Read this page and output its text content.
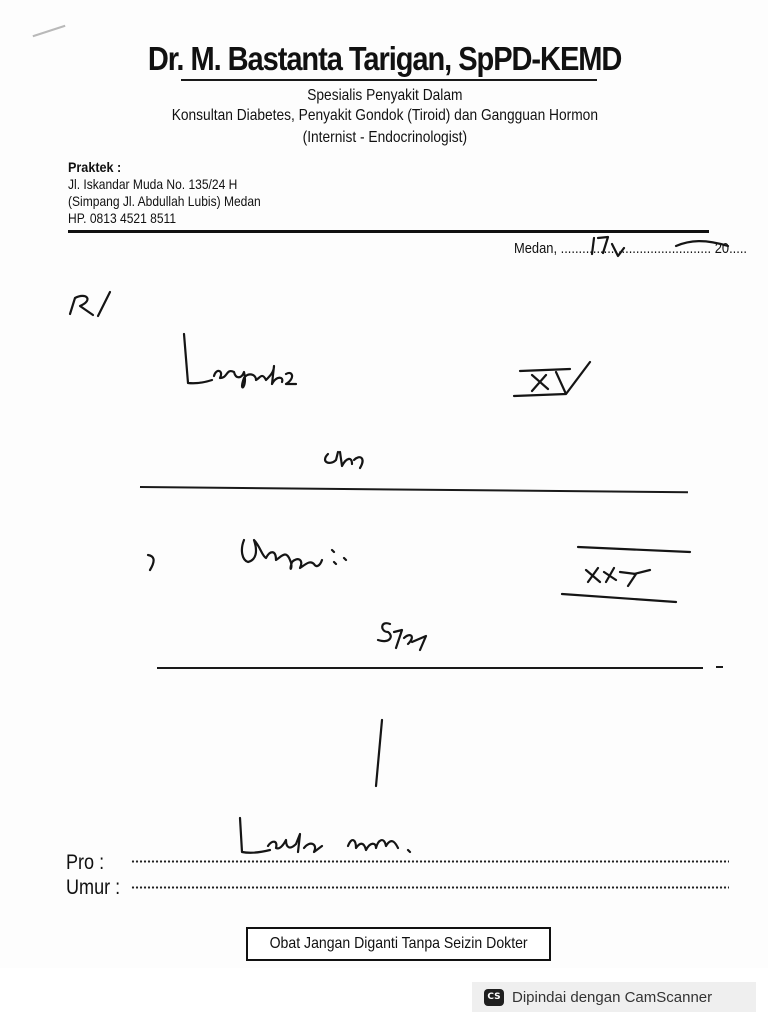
Dr. M. Bastanta Tarigan, SpPD-KEMD
Spesialis Penyakit Dalam
Konsultan Diabetes, Penyakit Gondok (Tiroid) dan Gangguan Hormon
(Internist - Endocrinologist)
Praktek :
Jl. Iskandar Muda No. 135/24 H
(Simpang Jl. Abdullah Lubis) Medan
HP. 0813 4521 8511
Medan, .......................................... 20.....
Pro :
Umur :
Obat Jangan Diganti Tanpa Seizin Dokter
CS Dipindai dengan CamScanner
